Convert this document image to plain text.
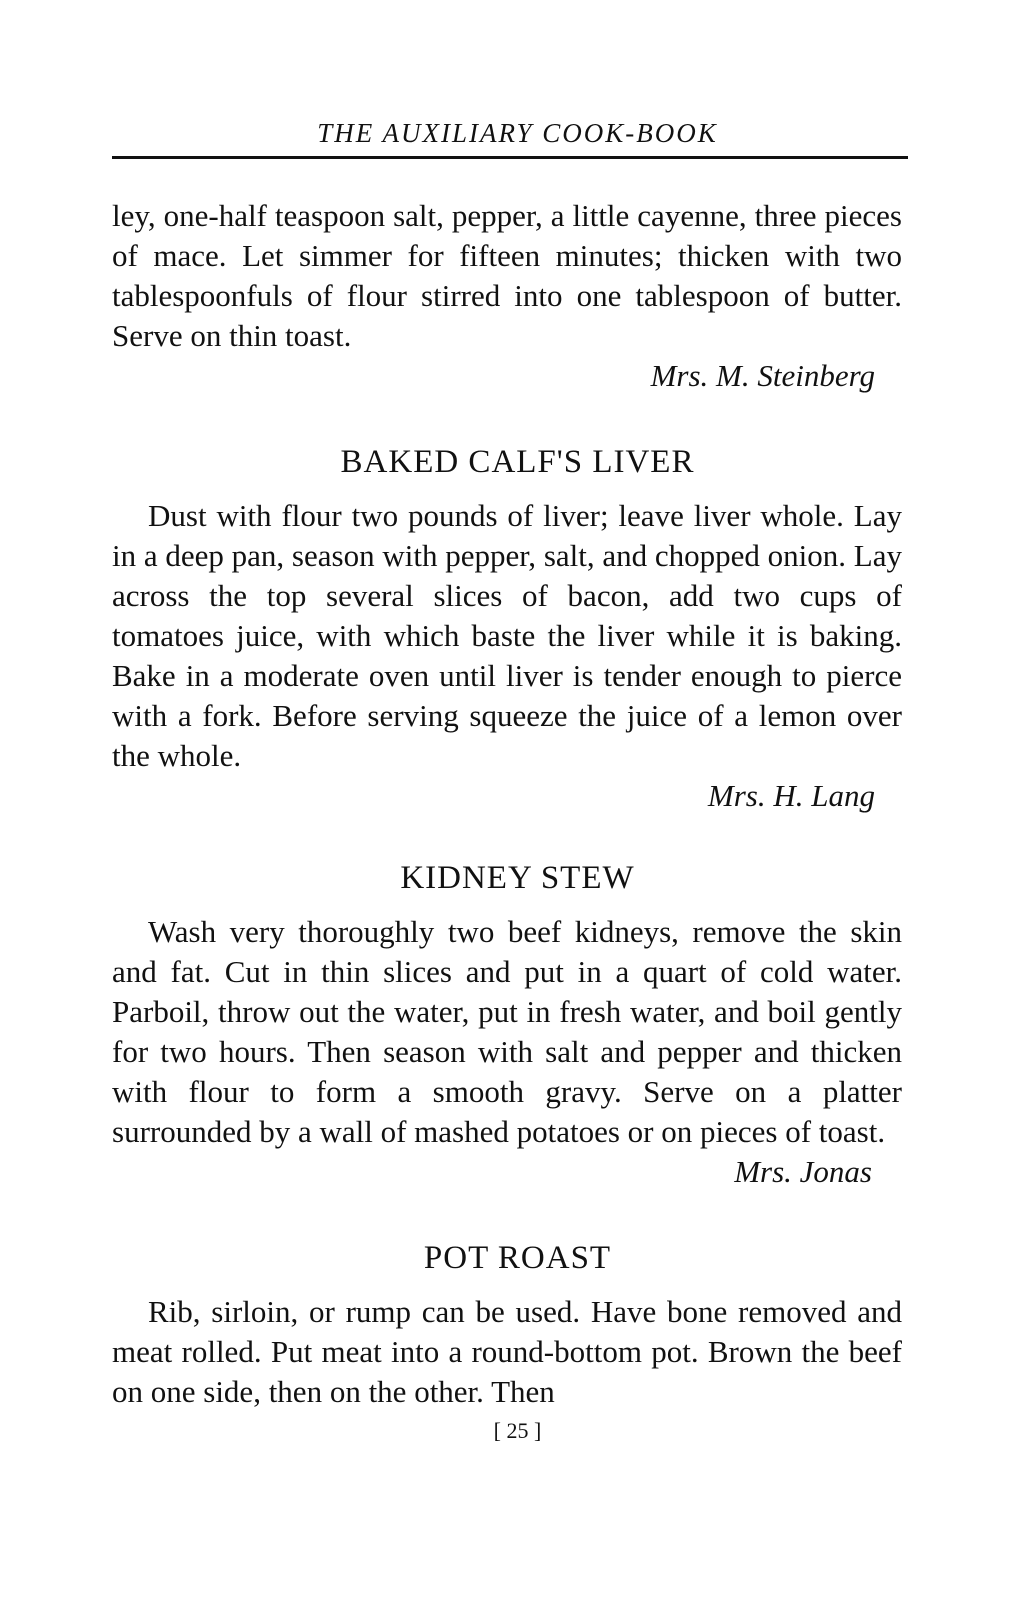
THE AUXILIARY COOK-BOOK

ley, one-half teaspoon salt, pepper, a little cayenne, three pieces of mace. Let simmer for fifteen minutes; thicken with two tablespoonfuls of flour stirred into one tablespoon of butter. Serve on thin toast.

Mrs. M. Steinberg
BAKED CALF'S LIVER

Dust with flour two pounds of liver; leave liver whole. Lay in a deep pan, season with pepper, salt, and chopped onion. Lay across the top several slices of bacon, add two cups of tomatoes juice, with which baste the liver while it is baking. Bake in a moderate oven until liver is tender enough to pierce with a fork. Before serving squeeze the juice of a lemon over the whole.

Mrs. H. Lang
KIDNEY STEW

Wash very thoroughly two beef kidneys, remove the skin and fat. Cut in thin slices and put in a quart of cold water. Parboil, throw out the water, put in fresh water, and boil gently for two hours. Then season with salt and pepper and thicken with flour to form a smooth gravy. Serve on a platter surrounded by a wall of mashed potatoes or on pieces of toast.
Mrs. Jonas

POT ROAST

Rib, sirloin, or rump can be used. Have bone removed and meat rolled. Put meat into a round-bottom pot. Brown the beef on one side, then on the other. Then

[ 25 ]
